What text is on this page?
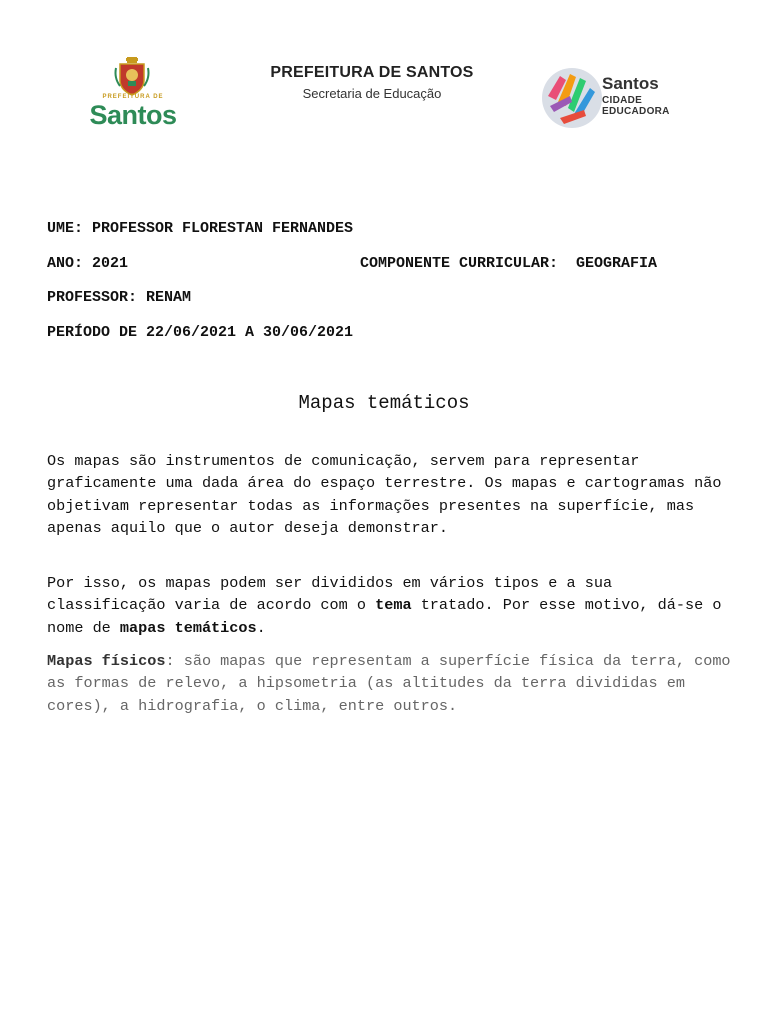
PREFEITURA DE
Santos
PREFEITURA DE SANTOS
Secretaria de Educação
Santos
CIDADE
EDUCADORA
UME: PROFESSOR FLORESTAN FERNANDES
ANO: 2021	COMPONENTE CURRICULAR:  GEOGRAFIA
PROFESSOR: RENAM
PERÍODO DE 22/06/2021 A 30/06/2021
Mapas temáticos

Os mapas são instrumentos de comunicação, servem para representar graficamente uma dada área do espaço terrestre. Os mapas e cartogramas não objetivam representar todas as informações presentes na superfície, mas apenas aquilo que o autor deseja demonstrar.

Por isso, os mapas podem ser divididos em vários tipos e a sua classificação varia de acordo com o tema tratado. Por esse motivo, dá-se o nome de mapas temáticos.

Mapas físicos: são mapas que representam a superfície física da terra, como as formas de relevo, a hipsometria (as altitudes da terra divididas em cores), a hidrografia, o clima, entre outros.
